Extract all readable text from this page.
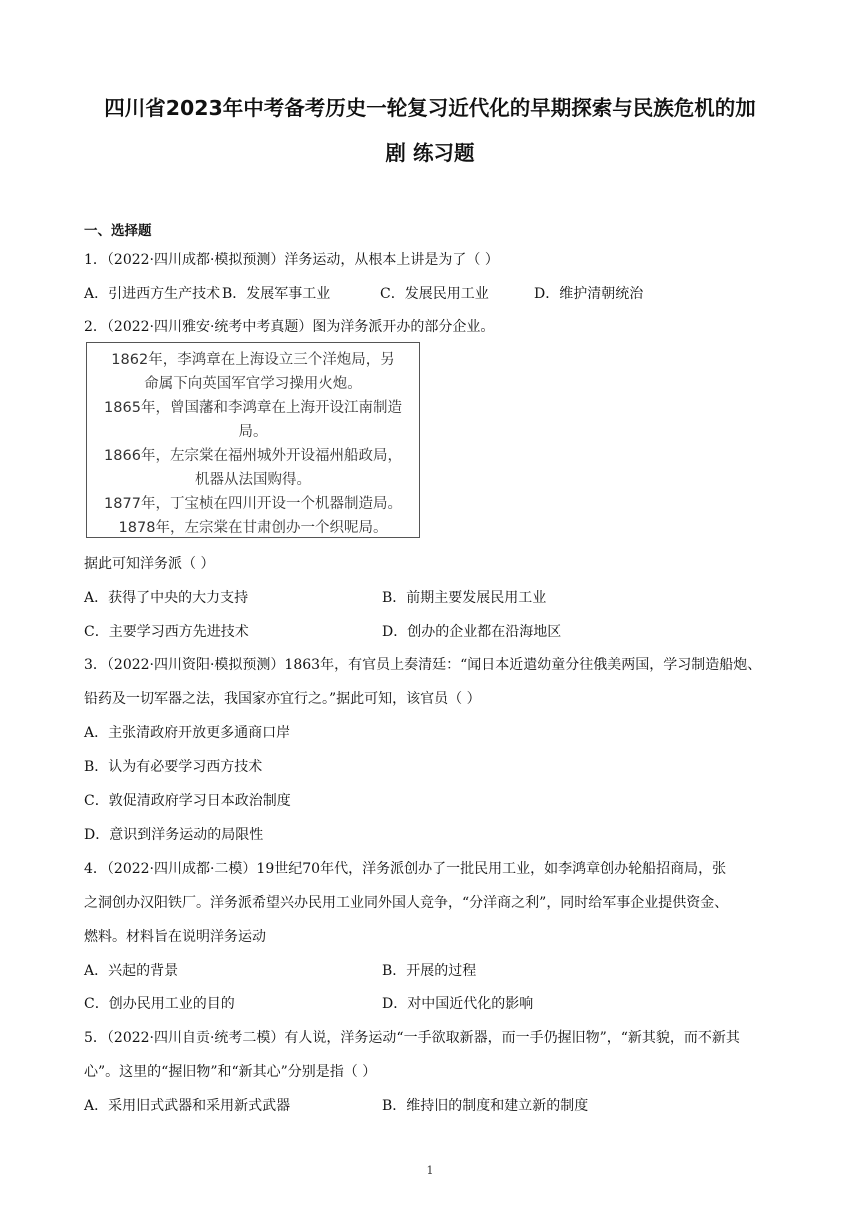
四川省2023年中考备考历史一轮复习近代化的早期探索与民族危机的加
剧 练习题
一、选择题
1．（2022·四川成都·模拟预测）洋务运动，从根本上讲是为了（ ）
A．引进西方生产技术 B．发展军事工业	C．发展民用工业	D．维护清朝统治
2．（2022·四川雅安·统考中考真题）图为洋务派开办的部分企业。
1862年，李鸿章在上海设立三个洋炮局，另
命属下向英国军官学习操用火炮。
1865年，曾国藩和李鸿章在上海开设江南制造
局。
1866年，左宗棠在福州城外开设福州船政局，
机器从法国购得。
1877年，丁宝桢在四川开设一个机器制造局。
1878年，左宗棠在甘肃创办一个织呢局。
据此可知洋务派（ ）
A．获得了中央的大力支持	B．前期主要发展民用工业
C．主要学习西方先进技术	D．创办的企业都在沿海地区
3．（2022·四川资阳·模拟预测）1863年，有官员上奏清廷：“闻日本近遣幼童分往俄美两国，学习制造船炮、
铅药及一切军器之法，我国家亦宜行之。”据此可知，该官员（ ）
A．主张清政府开放更多通商口岸
B．认为有必要学习西方技术
C．敦促清政府学习日本政治制度
D．意识到洋务运动的局限性
4．（2022·四川成都·二模）19世纪70年代，洋务派创办了一批民用工业，如李鸿章创办轮船招商局，张
之洞创办汉阳铁厂。洋务派希望兴办民用工业同外国人竞争，“分洋商之利”，同时给军事企业提供资金、
燃料。材料旨在说明洋务运动
A．兴起的背景	B．开展的过程
C．创办民用工业的目的	D．对中国近代化的影响
5．（2022·四川自贡·统考二模）有人说，洋务运动“一手欲取新器，而一手仍握旧物”，“新其貌，而不新其
心”。这里的“握旧物”和“新其心”分别是指（ ）
A．采用旧式武器和采用新式武器	B．维持旧的制度和建立新的制度
1
